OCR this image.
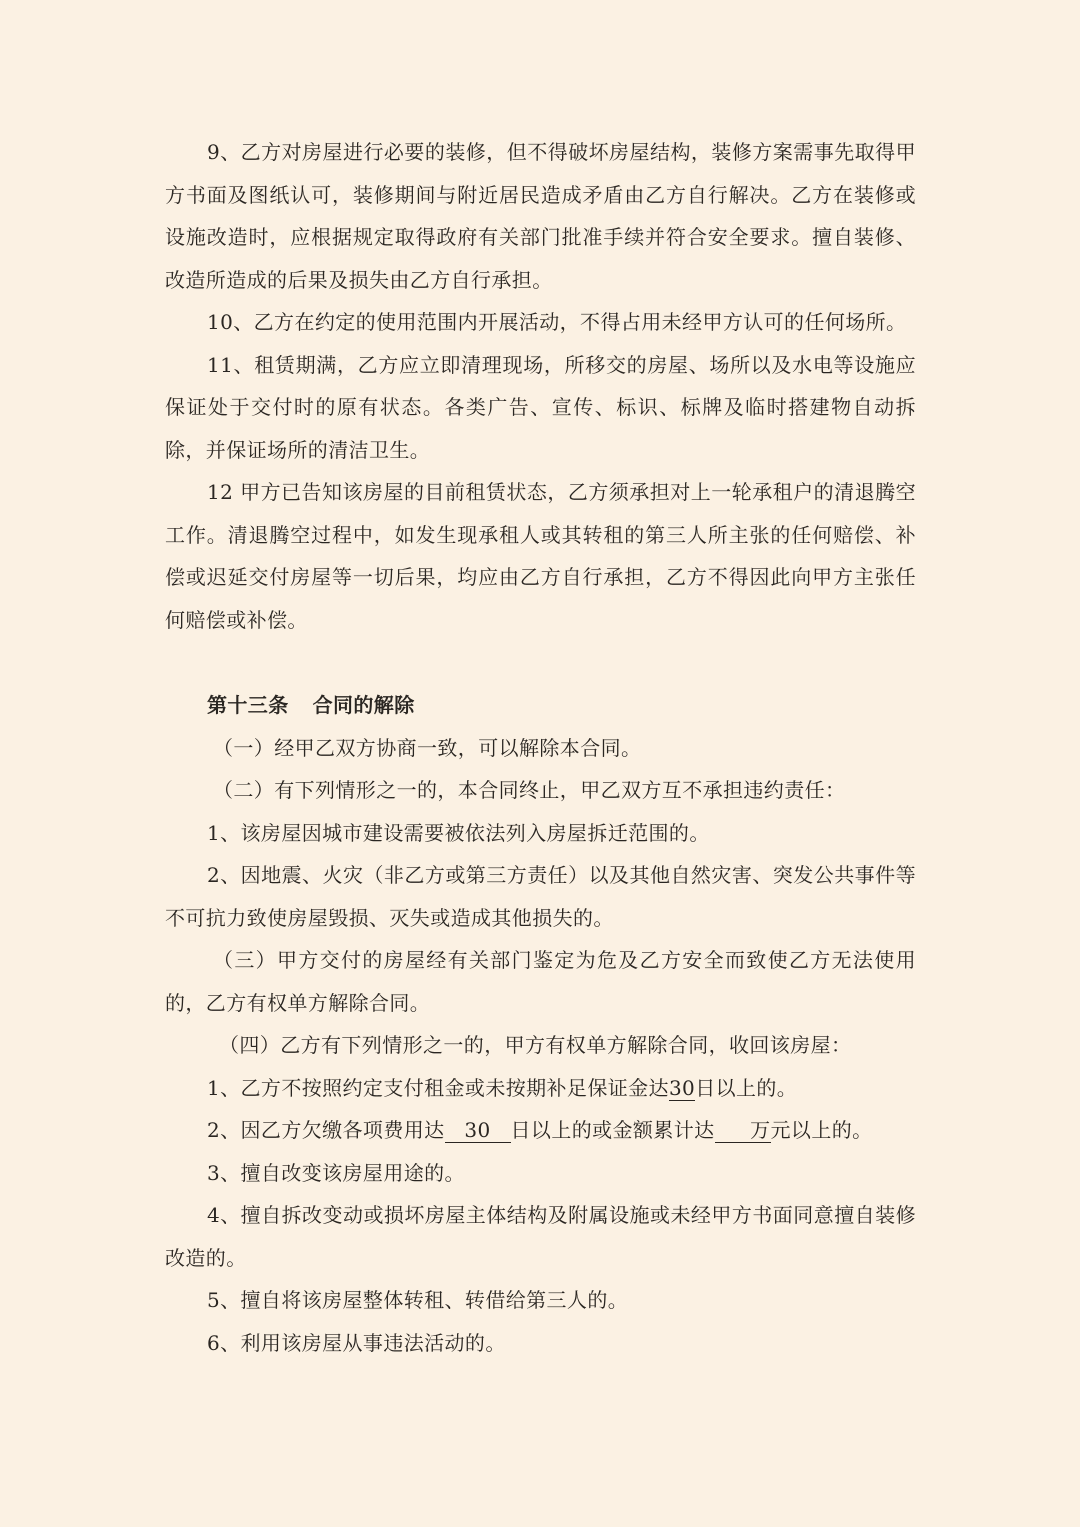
9、乙方对房屋进行必要的装修，但不得破坏房屋结构，装修方案需事先取得甲方书面及图纸认可，装修期间与附近居民造成矛盾由乙方自行解决。乙方在装修或设施改造时，应根据规定取得政府有关部门批准手续并符合安全要求。擅自装修、改造所造成的后果及损失由乙方自行承担。

10、乙方在约定的使用范围内开展活动，不得占用未经甲方认可的任何场所。

11、租赁期满，乙方应立即清理现场，所移交的房屋、场所以及水电等设施应保证处于交付时的原有状态。各类广告、宣传、标识、标牌及临时搭建物自动拆除，并保证场所的清洁卫生。

12 甲方已告知该房屋的目前租赁状态，乙方须承担对上一轮承租户的清退腾空工作。清退腾空过程中，如发生现承租人或其转租的第三人所主张的任何赔偿、补偿或迟延交付房屋等一切后果，均应由乙方自行承担，乙方不得因此向甲方主张任何赔偿或补偿。

第十三条 合同的解除

（一）经甲乙双方协商一致，可以解除本合同。

（二）有下列情形之一的，本合同终止，甲乙双方互不承担违约责任：

1、该房屋因城市建设需要被依法列入房屋拆迁范围的。

2、因地震、火灾（非乙方或第三方责任）以及其他自然灾害、突发公共事件等不可抗力致使房屋毁损、灭失或造成其他损失的。

（三）甲方交付的房屋经有关部门鉴定为危及乙方安全而致使乙方无法使用的，乙方有权单方解除合同。

（四）乙方有下列情形之一的，甲方有权单方解除合同，收回该房屋：

1、乙方不按照约定支付租金或未按期补足保证金达30日以上的。

2、因乙方欠缴各项费用达 30 日以上的或金额累计达 万元以上的。

3、擅自改变该房屋用途的。

4、擅自拆改变动或损坏房屋主体结构及附属设施或未经甲方书面同意擅自装修改造的。

5、擅自将该房屋整体转租、转借给第三人的。

6、利用该房屋从事违法活动的。
